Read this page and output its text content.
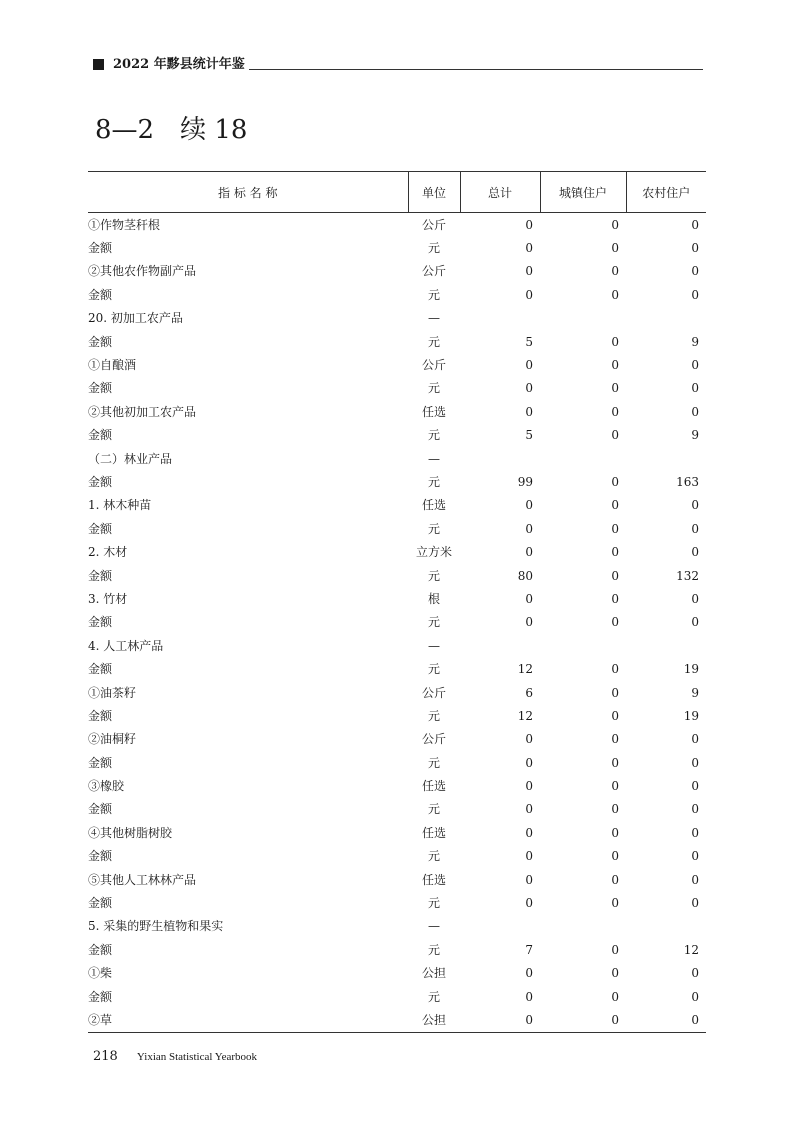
2022 年黟县统计年鉴
8—2　续 18
指 标 名 称	单位	总计	城镇住户	农村住户
①作物茎秆根	公斤	0	0	0
金额	元	0	0	0
②其他农作物副产品	公斤	0	0	0
金额	元	0	0	0
20. 初加工农产品	—			
金额	元	5	0	9
①自酿酒	公斤	0	0	0
金额	元	0	0	0
②其他初加工农产品	任选	0	0	0
金额	元	5	0	9
（二）林业产品	—			
金额	元	99	0	163
1. 林木种苗	任选	0	0	0
金额	元	0	0	0
2. 木材	立方米	0	0	0
金额	元	80	0	132
3. 竹材	根	0	0	0
金额	元	0	0	0
4. 人工林产品	—			
金额	元	12	0	19
①油茶籽	公斤	6	0	9
金额	元	12	0	19
②油桐籽	公斤	0	0	0
金额	元	0	0	0
③橡胶	任选	0	0	0
金额	元	0	0	0
④其他树脂树胶	任选	0	0	0
金额	元	0	0	0
⑤其他人工林林产品	任选	0	0	0
金额	元	0	0	0
5. 采集的野生植物和果实	—			
金额	元	7	0	12
①柴	公担	0	0	0
金额	元	0	0	0
②草	公担	0	0	0
218 Yixian Statistical Yearbook
